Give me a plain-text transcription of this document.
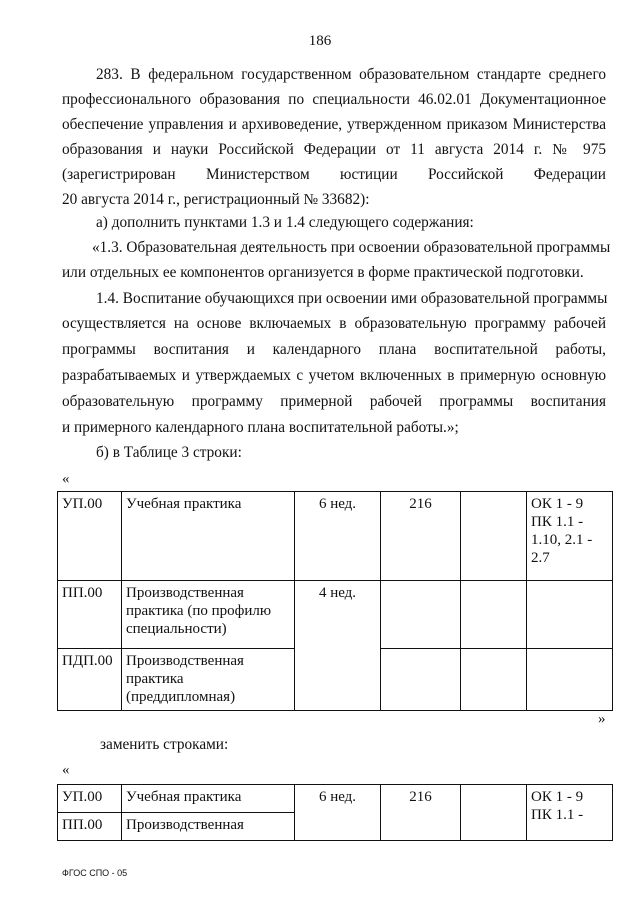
186
283. В федеральном государственном образовательном стандарте среднего
профессионального образования по специальности 46.02.01 Документационное
обеспечение управления и архивоведение, утвержденном приказом Министерства
образования и науки Российской Федерации от 11 августа 2014 г. № 975
(зарегистрирован Министерством юстиции Российской Федерации
20 августа 2014 г., регистрационный № 33682):
а) дополнить пунктами 1.3 и 1.4 следующего содержания:
«1.3. Образовательная деятельность при освоении образовательной программы
или отдельных ее компонентов организуется в форме практической подготовки.
1.4. Воспитание обучающихся при освоении ими образовательной программы
осуществляется на основе включаемых в образовательную программу рабочей
программы воспитания и календарного плана воспитательной работы,
разрабатываемых и утверждаемых с учетом включенных в примерную основную
образовательную программу примерной рабочей программы воспитания
и примерного календарного плана воспитательной работы.»;
б) в Таблице 3 строки:
«
УП.00	Учебная практика	6 нед.	216		ОК 1 - 9 ПК 1.1 - 1.10, 2.1 - 2.7

ПП.00	Производственная практика (по профилю специальности)	4 нед.			
ПДП.00	Производственная практика (преддипломная)				

»
заменить строками:
«
УП.00	Учебная практика	6 нед.	216		ОК 1 - 9 ПК 1.1 -

ПП.00	Производственная				
ФГОС СПО - 05
